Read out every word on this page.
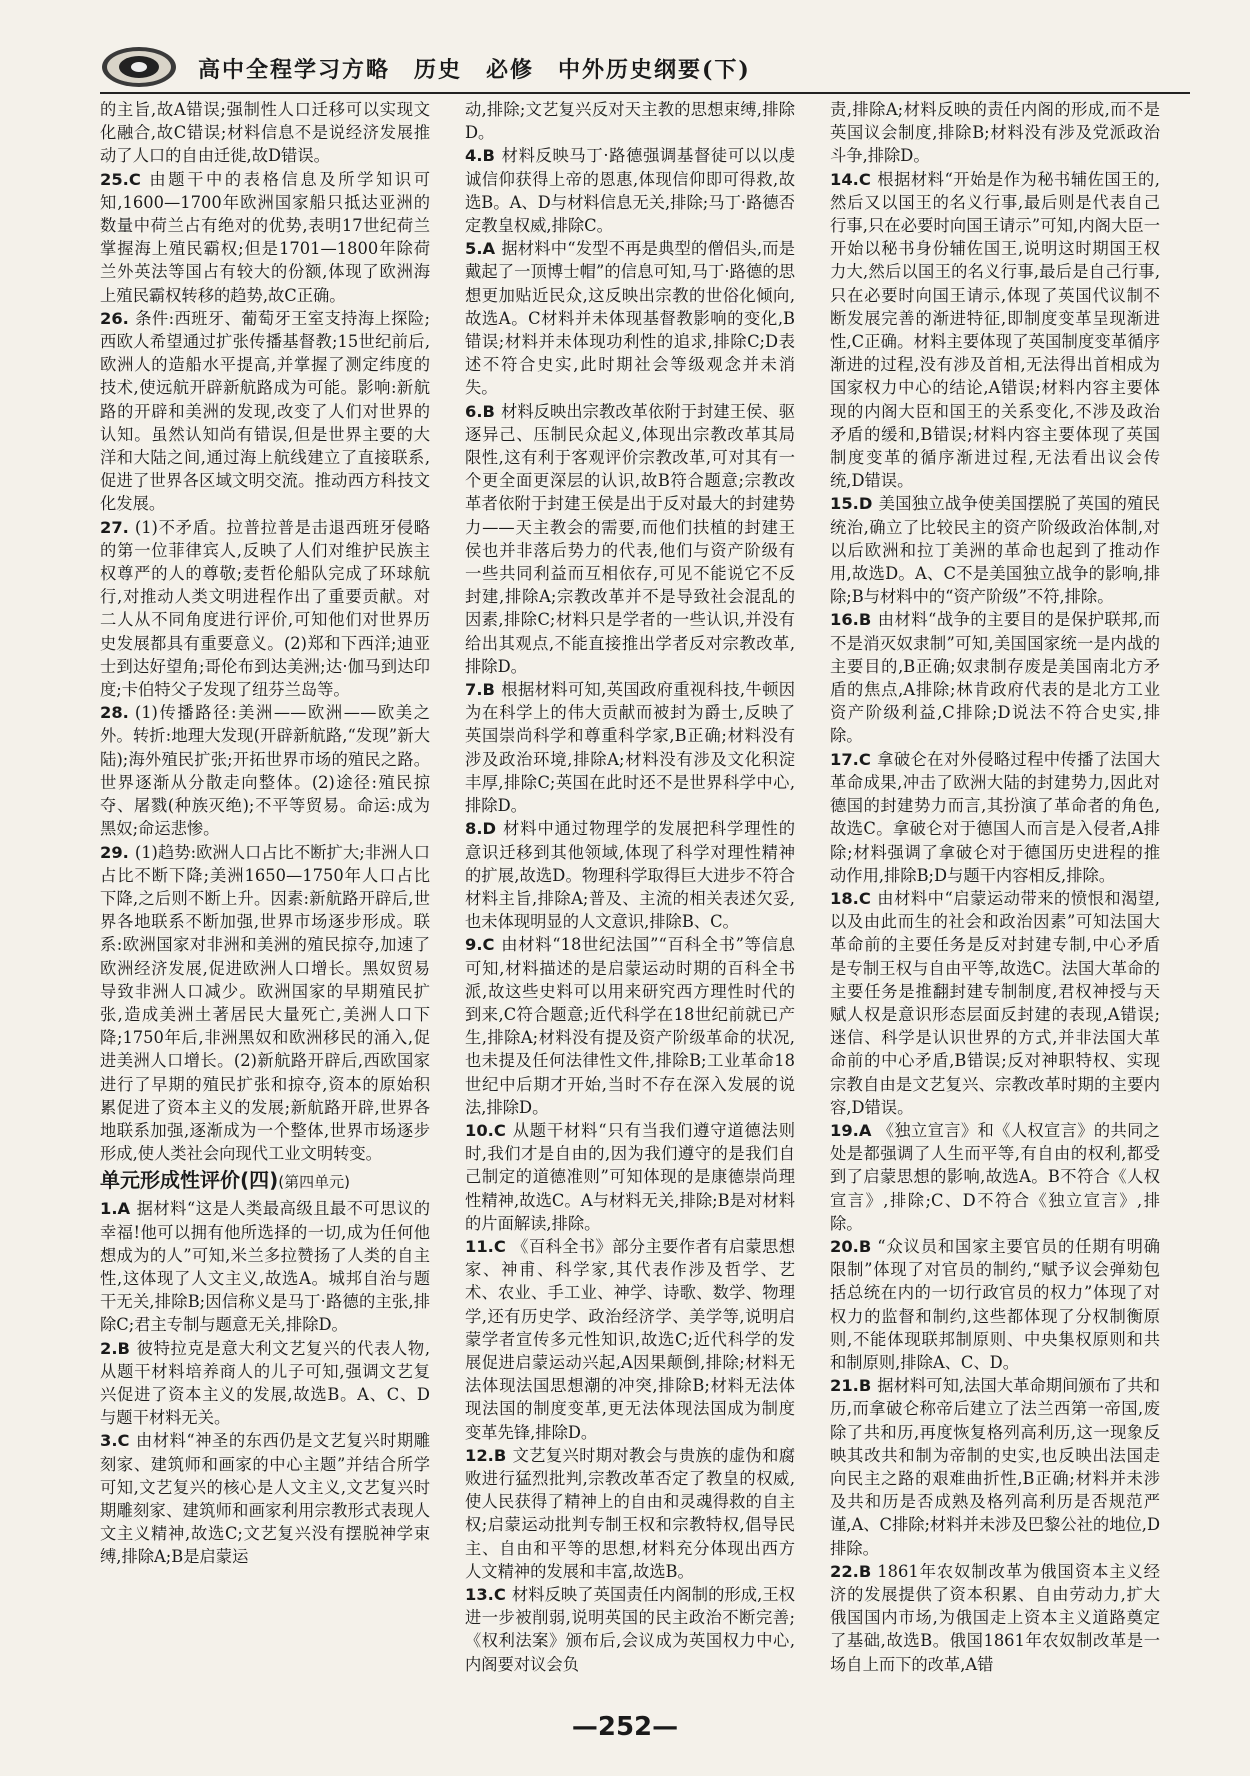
高中全程学习方略　历史　必修　中外历史纲要(下)

的主旨,故A错误;强制性人口迁移可以实现文化融合,故C错误;材料信息不是说经济发展推动了人口的自由迁徙,故D错误。

25.C 由题干中的表格信息及所学知识可知,1600—1700年欧洲国家船只抵达亚洲的数量中荷兰占有绝对的优势,表明17世纪荷兰掌握海上殖民霸权;但是1701—1800年除荷兰外英法等国占有较大的份额,体现了欧洲海上殖民霸权转移的趋势,故C正确。

26. 条件:西班牙、葡萄牙王室支持海上探险;西欧人希望通过扩张传播基督教;15世纪前后,欧洲人的造船水平提高,并掌握了测定纬度的技术,使远航开辟新航路成为可能。影响:新航路的开辟和美洲的发现,改变了人们对世界的认知。虽然认知尚有错误,但是世界主要的大洋和大陆之间,通过海上航线建立了直接联系,促进了世界各区域文明交流。推动西方科技文化发展。

27. (1)不矛盾。拉普拉普是击退西班牙侵略的第一位菲律宾人,反映了人们对维护民族主权尊严的人的尊敬;麦哲伦船队完成了环球航行,对推动人类文明进程作出了重要贡献。对二人从不同角度进行评价,可知他们对世界历史发展都具有重要意义。(2)郑和下西洋;迪亚士到达好望角;哥伦布到达美洲;达·伽马到达印度;卡伯特父子发现了纽芬兰岛等。

28. (1)传播路径:美洲——欧洲——欧美之外。转折:地理大发现(开辟新航路,“发现”新大陆);海外殖民扩张;开拓世界市场的殖民之路。世界逐渐从分散走向整体。(2)途径:殖民掠夺、屠戮(种族灭绝);不平等贸易。命运:成为黑奴;命运悲惨。

29. (1)趋势:欧洲人口占比不断扩大;非洲人口占比不断下降;美洲1650—1750年人口占比下降,之后则不断上升。因素:新航路开辟后,世界各地联系不断加强,世界市场逐步形成。联系:欧洲国家对非洲和美洲的殖民掠夺,加速了欧洲经济发展,促进欧洲人口增长。黑奴贸易导致非洲人口减少。欧洲国家的早期殖民扩张,造成美洲土著居民大量死亡,美洲人口下降;1750年后,非洲黑奴和欧洲移民的涌入,促进美洲人口增长。(2)新航路开辟后,西欧国家进行了早期的殖民扩张和掠夺,资本的原始积累促进了资本主义的发展;新航路开辟,世界各地联系加强,逐渐成为一个整体,世界市场逐步形成,使人类社会向现代工业文明转变。

单元形成性评价(四)(第四单元)

1.A 据材料“这是人类最高级且最不可思议的幸福!他可以拥有他所选择的一切,成为任何他想成为的人”可知,米兰多拉赞扬了人类的自主性,这体现了人文主义,故选A。城邦自治与题干无关,排除B;因信称义是马丁·路德的主张,排除C;君主专制与题意无关,排除D。

2.B 彼特拉克是意大利文艺复兴的代表人物,从题干材料培养商人的儿子可知,强调文艺复兴促进了资本主义的发展,故选B。A、C、D与题干材料无关。

3.C 由材料“神圣的东西仍是文艺复兴时期雕刻家、建筑师和画家的中心主题”并结合所学可知,文艺复兴的核心是人文主义,文艺复兴时期雕刻家、建筑师和画家利用宗教形式表现人文主义精神,故选C;文艺复兴没有摆脱神学束缚,排除A;B是启蒙运

动,排除;文艺复兴反对天主教的思想束缚,排除D。

4.B 材料反映马丁·路德强调基督徒可以以虔诚信仰获得上帝的恩惠,体现信仰即可得救,故选B。A、D与材料信息无关,排除;马丁·路德否定教皇权威,排除C。

5.A 据材料中“发型不再是典型的僧侣头,而是戴起了一顶博士帽”的信息可知,马丁·路德的思想更加贴近民众,这反映出宗教的世俗化倾向,故选A。C材料并未体现基督教影响的变化,B错误;材料并未体现功利性的追求,排除C;D表述不符合史实,此时期社会等级观念并未消失。

6.B 材料反映出宗教改革依附于封建王侯、驱逐异己、压制民众起义,体现出宗教改革其局限性,这有利于客观评价宗教改革,可对其有一个更全面更深层的认识,故B符合题意;宗教改革者依附于封建王侯是出于反对最大的封建势力——天主教会的需要,而他们扶植的封建王侯也并非落后势力的代表,他们与资产阶级有一些共同利益而互相依存,可见不能说它不反封建,排除A;宗教改革并不是导致社会混乱的因素,排除C;材料只是学者的一些认识,并没有给出其观点,不能直接推出学者反对宗教改革,排除D。

7.B 根据材料可知,英国政府重视科技,牛顿因为在科学上的伟大贡献而被封为爵士,反映了英国崇尚科学和尊重科学家,B正确;材料没有涉及政治环境,排除A;材料没有涉及文化积淀丰厚,排除C;英国在此时还不是世界科学中心,排除D。

8.D 材料中通过物理学的发展把科学理性的意识迁移到其他领域,体现了科学对理性精神的扩展,故选D。物理科学取得巨大进步不符合材料主旨,排除A;普及、主流的相关表述欠妥,也未体现明显的人文意识,排除B、C。

9.C 由材料“18世纪法国”“百科全书”等信息可知,材料描述的是启蒙运动时期的百科全书派,故这些史料可以用来研究西方理性时代的到来,C符合题意;近代科学在18世纪前就已产生,排除A;材料没有提及资产阶级革命的状况,也未提及任何法律性文件,排除B;工业革命18世纪中后期才开始,当时不存在深入发展的说法,排除D。

10.C 从题干材料“只有当我们遵守道德法则时,我们才是自由的,因为我们遵守的是我们自己制定的道德准则”可知体现的是康德崇尚理性精神,故选C。A与材料无关,排除;B是对材料的片面解读,排除。

11.C 《百科全书》部分主要作者有启蒙思想家、神甫、科学家,其代表作涉及哲学、艺术、农业、手工业、神学、诗歌、数学、物理学,还有历史学、政治经济学、美学等,说明启蒙学者宣传多元性知识,故选C;近代科学的发展促进启蒙运动兴起,A因果颠倒,排除;材料无法体现法国思想潮的冲突,排除B;材料无法体现法国的制度变革,更无法体现法国成为制度变革先锋,排除D。

12.B 文艺复兴时期对教会与贵族的虚伪和腐败进行猛烈批判,宗教改革否定了教皇的权威,使人民获得了精神上的自由和灵魂得救的自主权;启蒙运动批判专制王权和宗教特权,倡导民主、自由和平等的思想,材料充分体现出西方人文精神的发展和丰富,故选B。

13.C 材料反映了英国责任内阁制的形成,王权进一步被削弱,说明英国的民主政治不断完善;《权利法案》颁布后,会议成为英国权力中心,内阁要对议会负

责,排除A;材料反映的责任内阁的形成,而不是英国议会制度,排除B;材料没有涉及党派政治斗争,排除D。

14.C 根据材料“开始是作为秘书辅佐国王的,然后又以国王的名义行事,最后则是代表自己行事,只在必要时向国王请示”可知,内阁大臣一开始以秘书身份辅佐国王,说明这时期国王权力大,然后以国王的名义行事,最后是自己行事,只在必要时向国王请示,体现了英国代议制不断发展完善的渐进特征,即制度变革呈现渐进性,C正确。材料主要体现了英国制度变革循序渐进的过程,没有涉及首相,无法得出首相成为国家权力中心的结论,A错误;材料内容主要体现的内阁大臣和国王的关系变化,不涉及政治矛盾的缓和,B错误;材料内容主要体现了英国制度变革的循序渐进过程,无法看出议会传统,D错误。

15.D 美国独立战争使美国摆脱了英国的殖民统治,确立了比较民主的资产阶级政治体制,对以后欧洲和拉丁美洲的革命也起到了推动作用,故选D。A、C不是美国独立战争的影响,排除;B与材料中的“资产阶级”不符,排除。

16.B 由材料“战争的主要目的是保护联邦,而不是消灭奴隶制”可知,美国国家统一是内战的主要目的,B正确;奴隶制存废是美国南北方矛盾的焦点,A排除;林肯政府代表的是北方工业资产阶级利益,C排除;D说法不符合史实,排除。

17.C 拿破仑在对外侵略过程中传播了法国大革命成果,冲击了欧洲大陆的封建势力,因此对德国的封建势力而言,其扮演了革命者的角色,故选C。拿破仑对于德国人而言是入侵者,A排除;材料强调了拿破仑对于德国历史进程的推动作用,排除B;D与题干内容相反,排除。

18.C 由材料中“启蒙运动带来的愤恨和渴望,以及由此而生的社会和政治因素”可知法国大革命前的主要任务是反对封建专制,中心矛盾是专制王权与自由平等,故选C。法国大革命的主要任务是推翻封建专制制度,君权神授与天赋人权是意识形态层面反封建的表现,A错误;迷信、科学是认识世界的方式,并非法国大革命前的中心矛盾,B错误;反对神职特权、实现宗教自由是文艺复兴、宗教改革时期的主要内容,D错误。

19.A 《独立宣言》和《人权宣言》的共同之处是都强调了人生而平等,有自由的权利,都受到了启蒙思想的影响,故选A。B不符合《人权宣言》,排除;C、D不符合《独立宣言》,排除。

20.B “众议员和国家主要官员的任期有明确限制”体现了对官员的制约,“赋予议会弹劾包括总统在内的一切行政官员的权力”体现了对权力的监督和制约,这些都体现了分权制衡原则,不能体现联邦制原则、中央集权原则和共和制原则,排除A、C、D。

21.B 据材料可知,法国大革命期间颁布了共和历,而拿破仑称帝后建立了法兰西第一帝国,废除了共和历,再度恢复格列高利历,这一现象反映其改共和制为帝制的史实,也反映出法国走向民主之路的艰难曲折性,B正确;材料并未涉及共和历是否成熟及格列高利历是否规范严谨,A、C排除;材料并未涉及巴黎公社的地位,D排除。

22.B 1861年农奴制改革为俄国资本主义经济的发展提供了资本积累、自由劳动力,扩大俄国国内市场,为俄国走上资本主义道路奠定了基础,故选B。俄国1861年农奴制改革是一场自上而下的改革,A错

—252—
